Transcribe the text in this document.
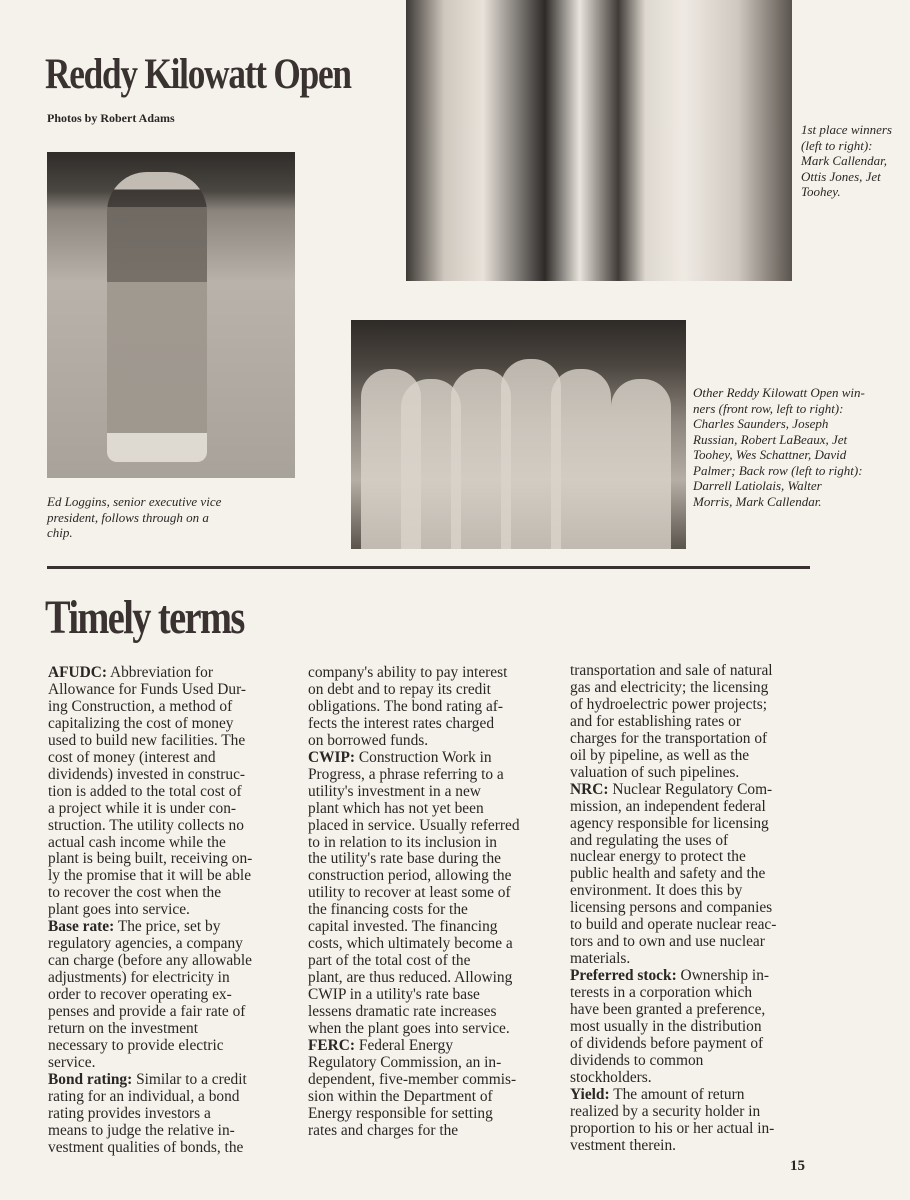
Reddy Kilowatt Open
Photos by Robert Adams
1st place winners
(left to right):
Mark Callendar,
Ottis Jones, Jet
Toohey.
Ed Loggins, senior executive vice
president, follows through on a
chip.
Other Reddy Kilowatt Open win-
ners (front row, left to right):
Charles Saunders, Joseph
Russian, Robert LaBeaux, Jet
Toohey, Wes Schattner, David
Palmer; Back row (left to right):
Darrell Latiolais, Walter
Morris, Mark Callendar.
Timely terms
AFUDC: Abbreviation for
Allowance for Funds Used Dur-
ing Construction, a method of
capitalizing the cost of money
used to build new facilities. The
cost of money (interest and
dividends) invested in construc-
tion is added to the total cost of
a project while it is under con-
struction. The utility collects no
actual cash income while the
plant is being built, receiving on-
ly the promise that it will be able
to recover the cost when the
plant goes into service.
Base rate: The price, set by
regulatory agencies, a company
can charge (before any allowable
adjustments) for electricity in
order to recover operating ex-
penses and provide a fair rate of
return on the investment
necessary to provide electric
service.
Bond rating: Similar to a credit
rating for an individual, a bond
rating provides investors a
means to judge the relative in-
vestment qualities of bonds, the
company's ability to pay interest
on debt and to repay its credit
obligations. The bond rating af-
fects the interest rates charged
on borrowed funds.
CWIP: Construction Work in
Progress, a phrase referring to a
utility's investment in a new
plant which has not yet been
placed in service. Usually referred
to in relation to its inclusion in
the utility's rate base during the
construction period, allowing the
utility to recover at least some of
the financing costs for the
capital invested. The financing
costs, which ultimately become a
part of the total cost of the
plant, are thus reduced. Allowing
CWIP in a utility's rate base
lessens dramatic rate increases
when the plant goes into service.
FERC: Federal Energy
Regulatory Commission, an in-
dependent, five-member commis-
sion within the Department of
Energy responsible for setting
rates and charges for the
transportation and sale of natural
gas and electricity; the licensing
of hydroelectric power projects;
and for establishing rates or
charges for the transportation of
oil by pipeline, as well as the
valuation of such pipelines.
NRC: Nuclear Regulatory Com-
mission, an independent federal
agency responsible for licensing
and regulating the uses of
nuclear energy to protect the
public health and safety and the
environment. It does this by
licensing persons and companies
to build and operate nuclear reac-
tors and to own and use nuclear
materials.
Preferred stock: Ownership in-
terests in a corporation which
have been granted a preference,
most usually in the distribution
of dividends before payment of
dividends to common
stockholders.
Yield: The amount of return
realized by a security holder in
proportion to his or her actual in-
vestment therein.
15
